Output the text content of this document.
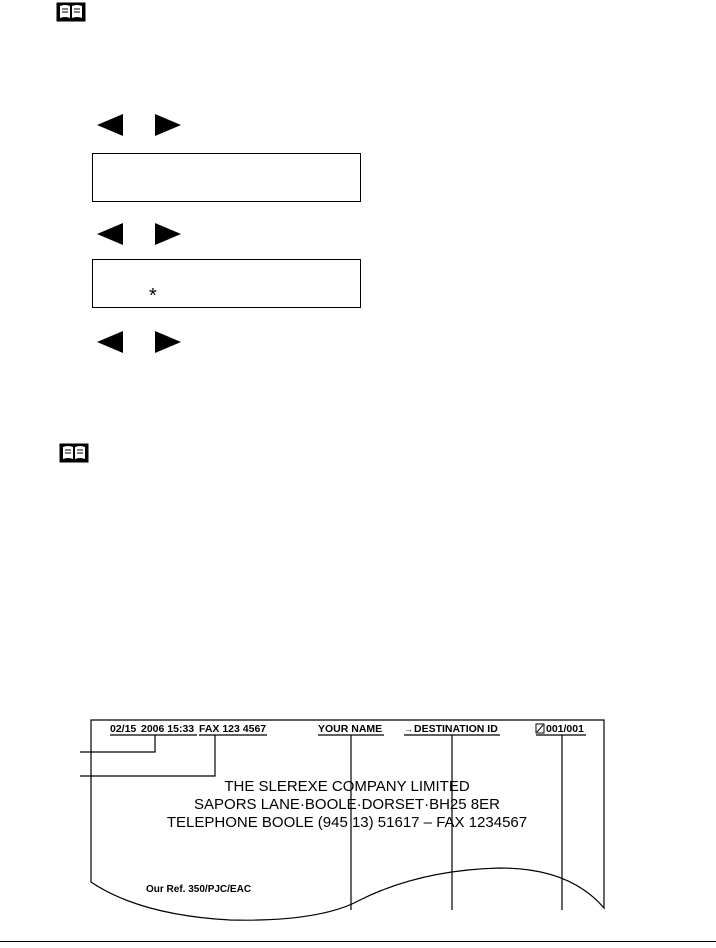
*
02/15 2006 15:33 FAX 123 4567	YOUR NAME → DESTINATION ID	001/001
THE SLEREXE COMPANY LIMITED
SAPORS LANE·BOOLE·DORSET·BH25 8ER
TELEPHONE BOOLE (945 13) 51617 – FAX 1234567
Our Ref. 350/PJC/EAC
